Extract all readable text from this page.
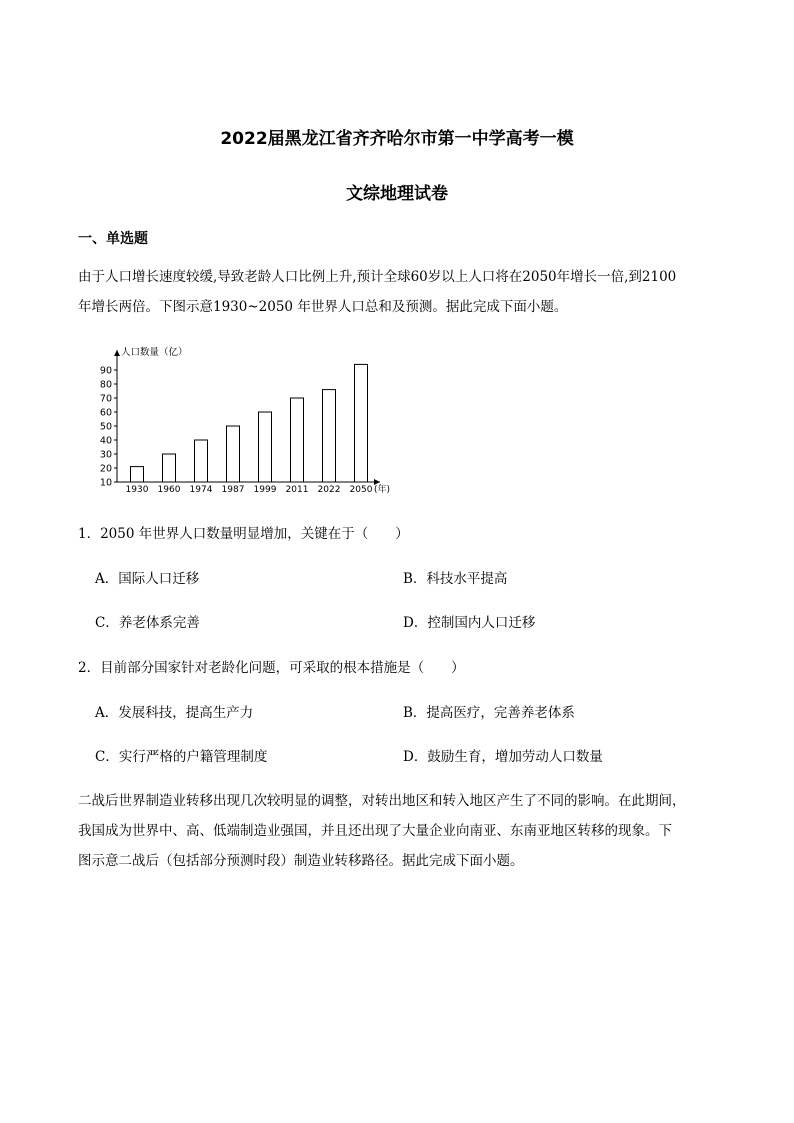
2022届黑龙江省齐齐哈尔市第一中学高考一模
文综地理试卷
一、单选题
由于人口增长速度较缓,导致老龄人口比例上升,预计全球60岁以上人口将在2050年增长一倍,到2100
年增长两倍。下图示意1930~2050 年世界人口总和及预测。据此完成下面小题。
人口数量（亿）
(年)
10
20
30
40
50
60
70
80
90
1930 1960 1974 1987 1999 2011 2022 2050
1．2050 年世界人口数量明显增加，关键在于（　　）
A．国际人口迁移	B．科技水平提高
C．养老体系完善	D．控制国内人口迁移
2．目前部分国家针对老龄化问题，可采取的根本措施是（　　）
A．发展科技，提高生产力	B．提高医疗，完善养老体系
C．实行严格的户籍管理制度	D．鼓励生育，增加劳动人口数量
二战后世界制造业转移出现几次较明显的调整，对转出地区和转入地区产生了不同的影响。在此期间，
我国成为世界中、高、低端制造业强国，并且还出现了大量企业向南亚、东南亚地区转移的现象。下
图示意二战后（包括部分预测时段）制造业转移路径。据此完成下面小题。
